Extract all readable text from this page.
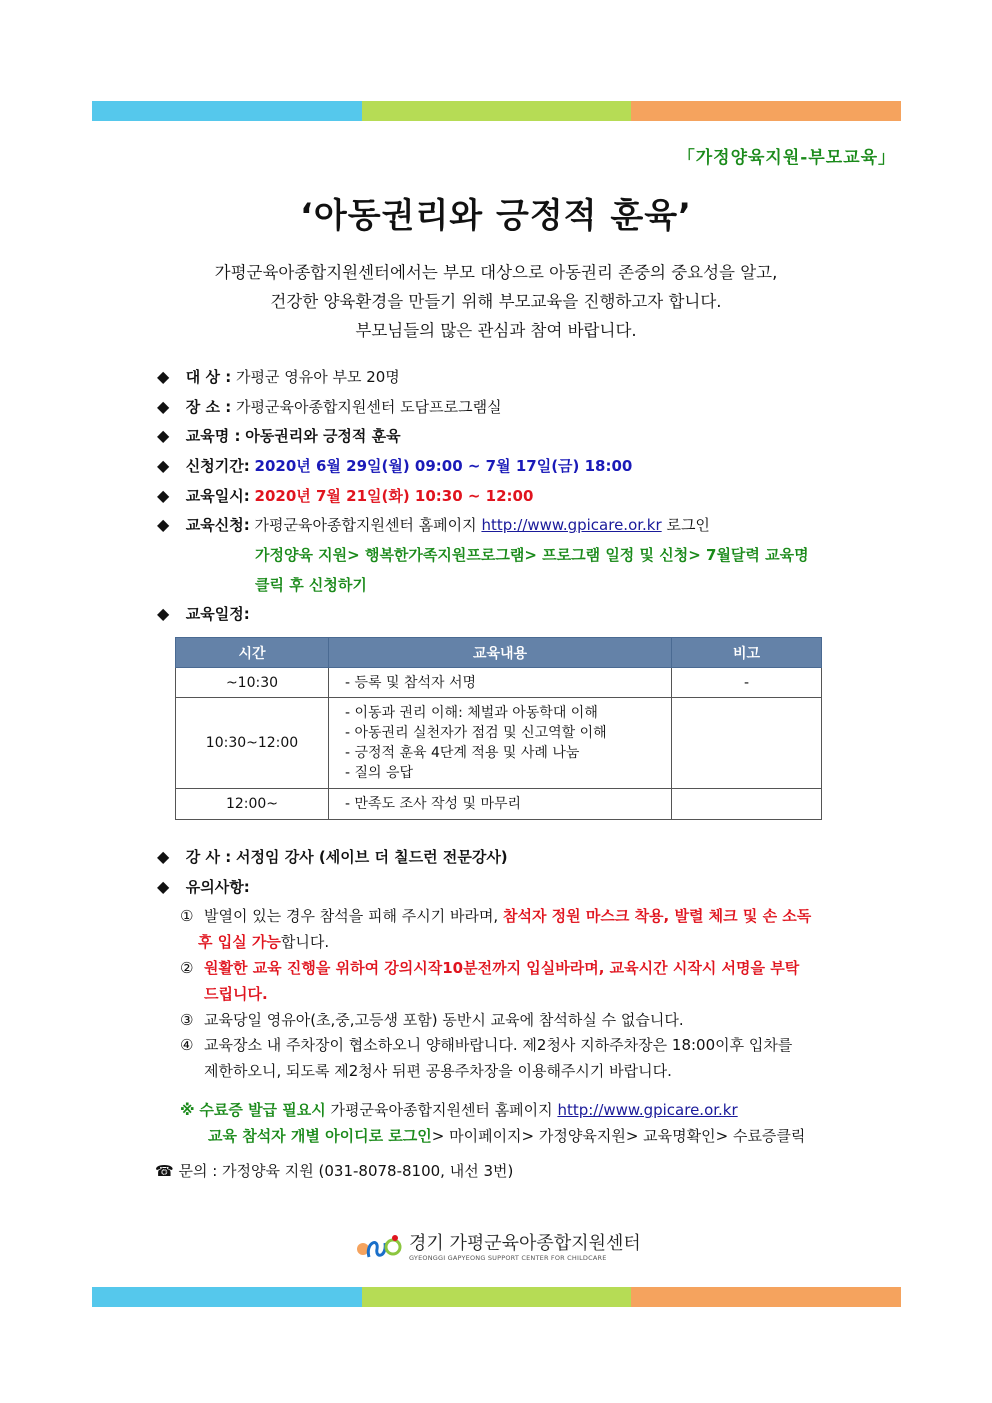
「가정양육지원-부모교육」
‘아동권리와 긍정적 훈육’
가평군육아종합지원센터에서는 부모 대상으로 아동권리 존중의 중요성을 알고,
건강한 양육환경을 만들기 위해 부모교육을 진행하고자 합니다.
부모님들의 많은 관심과 참여 바랍니다.
◆ 대 상 : 가평군 영유아 부모 20명
◆ 장 소 : 가평군육아종합지원센터 도담프로그램실
◆ 교육명 : 아동권리와 긍정적 훈육
◆ 신청기간: 2020년 6월 29일(월) 09:00 ~ 7월 17일(금) 18:00
◆ 교육일시: 2020년 7월 21일(화) 10:30 ~ 12:00
◆ 교육신청: 가평군육아종합지원센터 홈페이지 http://www.gpicare.or.kr 로그인
가정양육 지원> 행복한가족지원프로그램> 프로그램 일정 및 신청> 7월달력 교육명
클릭 후 신청하기
◆ 교육일정:
시간	교육내용	비고
~10:30	- 등록 및 참석자 서명	-
10:30~12:00	- 이동과 권리 이해: 체벌과 아동학대 이해
- 아동권리 실천자가 점검 및 신고역할 이해
- 긍정적 훈육 4단계 적용 및 사례 나눔
- 질의 응답	

12:00~	- 만족도 조사 작성 및 마무리	

◆ 강 사 : 서정임 강사 (세이브 더 칠드런 전문강사)
◆ 유의사항:
① 발열이 있는 경우 참석을 피해 주시기 바라며, 참석자 정원 마스크 착용, 발렬 체크 및 손 소독
후 입실 가능합니다.
② 원활한 교육 진행을 위하여 강의시작10분전까지 입실바라며, 교육시간 시작시 서명을 부탁
드립니다.
③ 교육당일 영유아(초,중,고등생 포함) 동반시 교육에 참석하실 수 없습니다.
④ 교육장소 내 주차장이 협소하오니 양해바랍니다. 제2청사 지하주차장은 18:00이후 입차를
제한하오니, 되도록 제2청사 뒤편 공용주차장을 이용해주시기 바랍니다.
※ 수료증 발급 필요시 가평군육아종합지원센터 홈페이지 http://www.gpicare.or.kr
교육 참석자 개별 아이디로 로그인> 마이페이지> 가정양육지원> 교육명확인> 수료증클릭
☎ 문의 : 가정양육 지원 (031-8078-8100, 내선 3번)
경기 가평군육아종합지원센터
GYEONGGI GAPYEONG SUPPORT CENTER FOR CHILDCARE
